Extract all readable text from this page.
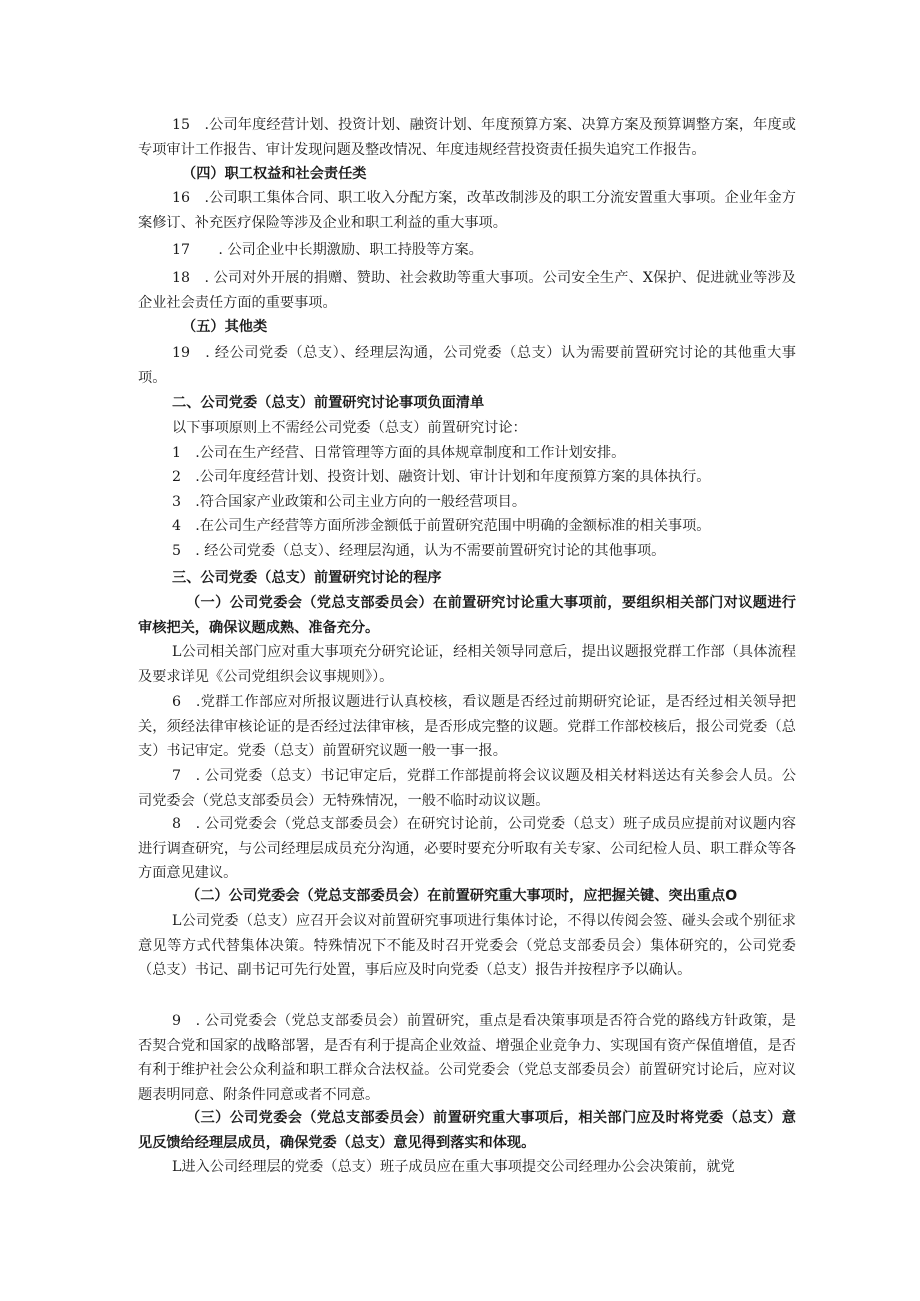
15　.公司年度经营计划、投资计划、融资计划、年度预算方案、决算方案及预算调整方案，年度或专项审计工作报告、审计发现问题及整改情况、年度违规经营投资责任损失追究工作报告。

（四）职工权益和社会责任类

16　.公司职工集体合同、职工收入分配方案，改革改制涉及的职工分流安置重大事项。企业年金方案修订、补充医疗保险等涉及企业和职工利益的重大事项。

17　　. 公司企业中长期激励、职工持股等方案。

18　. 公司对外开展的捐赠、赞助、社会救助等重大事项。公司安全生产、X保护、促进就业等涉及企业社会责任方面的重要事项。

（五）其他类

19　. 经公司党委（总支）、经理层沟通，公司党委（总支）认为需要前置研究讨论的其他重大事项。

二、公司党委（总支）前置研究讨论事项负面清单

以下事项原则上不需经公司党委（总支）前置研究讨论：

1　.公司在生产经营、日常管理等方面的具体规章制度和工作计划安排。

2　.公司年度经营计划、投资计划、融资计划、审计计划和年度预算方案的具体执行。

3　.符合国家产业政策和公司主业方向的一般经营项目。

4　.在公司生产经营等方面所涉金额低于前置研究范围中明确的金额标准的相关事项。

5　. 经公司党委（总支）、经理层沟通，认为不需要前置研究讨论的其他事项。

三、公司党委（总支）前置研究讨论的程序

（一）公司党委会（党总支部委员会）在前置研究讨论重大事项前，要组织相关部门对议题进行审核把关，确保议题成熟、准备充分。

L公司相关部门应对重大事项充分研究论证，经相关领导同意后，提出议题报党群工作部（具体流程及要求详见《公司党组织会议事规则》）。

6　.党群工作部应对所报议题进行认真校核，看议题是否经过前期研究论证，是否经过相关领导把关，须经法律审核论证的是否经过法律审核，是否形成完整的议题。党群工作部校核后，报公司党委（总支）书记审定。党委（总支）前置研究议题一般一事一报。

7　. 公司党委（总支）书记审定后，党群工作部提前将会议议题及相关材料送达有关参会人员。公司党委会（党总支部委员会）无特殊情况，一般不临时动议议题。

8　. 公司党委会（党总支部委员会）在研究讨论前，公司党委（总支）班子成员应提前对议题内容进行调查研究，与公司经理层成员充分沟通，必要时要充分听取有关专家、公司纪检人员、职工群众等各方面意见建议。

（二）公司党委会（党总支部委员会）在前置研究重大事项时，应把握关键、突出重点O

L公司党委（总支）应召开会议对前置研究事项进行集体讨论，不得以传阅会签、碰头会或个别征求意见等方式代替集体决策。特殊情况下不能及时召开党委会（党总支部委员会）集体研究的，公司党委（总支）书记、副书记可先行处置，事后应及时向党委（总支）报告并按程序予以确认。

9　. 公司党委会（党总支部委员会）前置研究，重点是看决策事项是否符合党的路线方针政策，是否契合党和国家的战略部署，是否有利于提高企业效益、增强企业竞争力、实现国有资产保值增值，是否有利于维护社会公众利益和职工群众合法权益。公司党委会（党总支部委员会）前置研究讨论后，应对议题表明同意、附条件同意或者不同意。

（三）公司党委会（党总支部委员会）前置研究重大事项后，相关部门应及时将党委（总支）意见反馈给经理层成员，确保党委（总支）意见得到落实和体现。

L进入公司经理层的党委（总支）班子成员应在重大事项提交公司经理办公会决策前，就党
